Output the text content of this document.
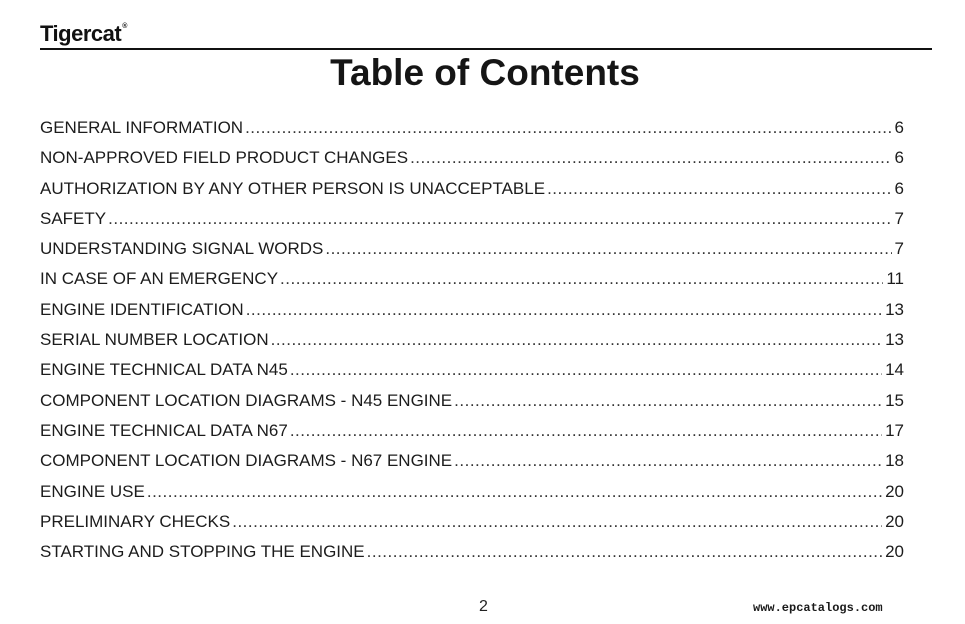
Tigercat®
Table of Contents
GENERAL INFORMATION .....	6
NON-APPROVED FIELD PRODUCT CHANGES .....	6
AUTHORIZATION BY ANY OTHER PERSON IS UNACCEPTABLE .....	6
SAFETY .....	7
UNDERSTANDING SIGNAL WORDS .....	7
IN CASE OF AN EMERGENCY .....	11
ENGINE IDENTIFICATION .....	13
SERIAL NUMBER LOCATION .....	13
ENGINE TECHNICAL DATA N45 .....	14
COMPONENT LOCATION DIAGRAMS - N45 ENGINE .....	15
ENGINE TECHNICAL DATA N67 .....	17
COMPONENT LOCATION DIAGRAMS - N67 ENGINE .....	18
ENGINE USE .....	20
PRELIMINARY CHECKS .....	20
STARTING AND STOPPING THE ENGINE .....	20
2	www.epcatalogs.com
